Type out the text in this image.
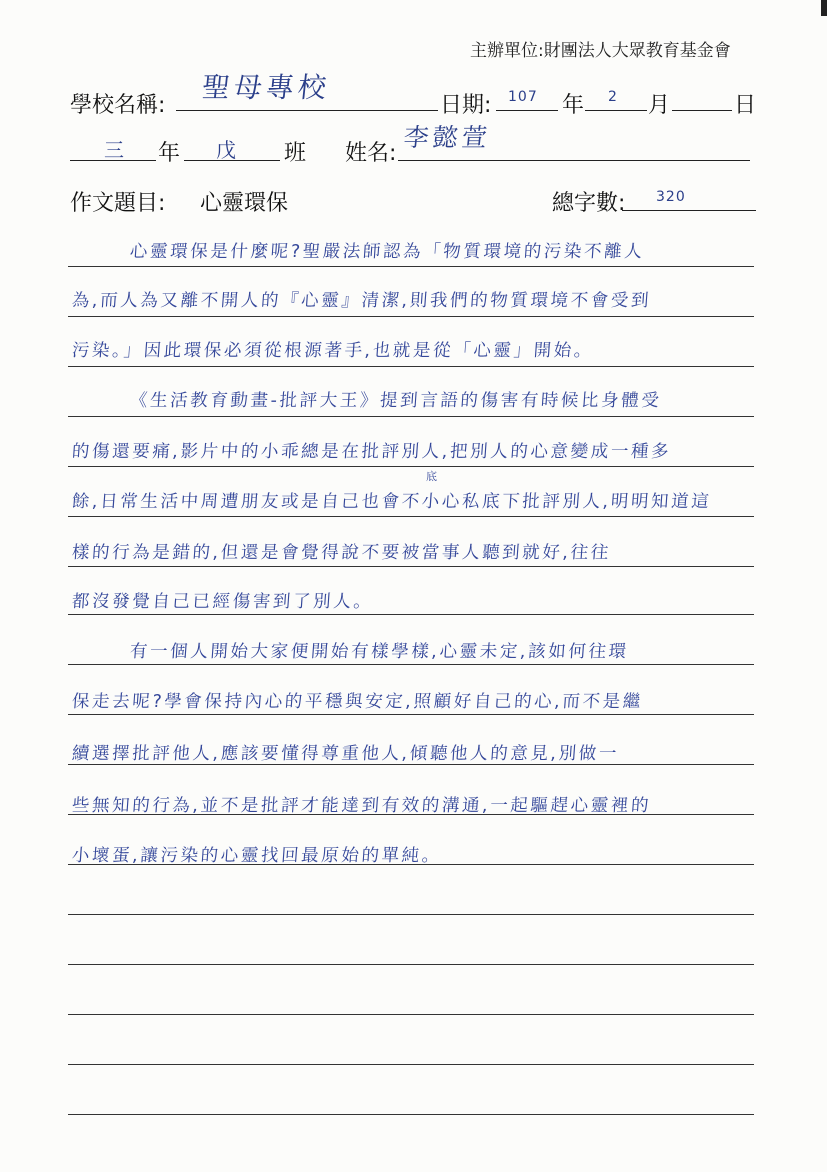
主辦單位:財團法人大眾教育基金會
學校名稱:
聖母專校
日期: 107 年 2 月	日
三 年 戊 班 姓名:
李懿萱
作文題目: 心靈環保	總字數: 320
心靈環保是什麼呢?聖嚴法師認為「物質環境的污染不離人
為,而人為又離不開人的『心靈』清潔,則我們的物質環境不會受到
污染。」因此環保必須從根源著手,也就是從「心靈」開始。
《生活教育動畫-批評大王》提到言語的傷害有時候比身體受
的傷還要痛,影片中的小乖總是在批評別人,把別人的心意變成一種多
底
餘,日常生活中周遭朋友或是自己也會不小心私底下批評別人,明明知道這
樣的行為是錯的,但還是會覺得說不要被當事人聽到就好,往往
都沒發覺自己已經傷害到了別人。
有一個人開始大家便開始有樣學樣,心靈未定,該如何往環
保走去呢?學會保持內心的平穩與安定,照顧好自己的心,而不是繼
續選擇批評他人,應該要懂得尊重他人,傾聽他人的意見,別做一
些無知的行為,並不是批評才能達到有效的溝通,一起驅趕心靈裡的
小壞蛋,讓污染的心靈找回最原始的單純。
